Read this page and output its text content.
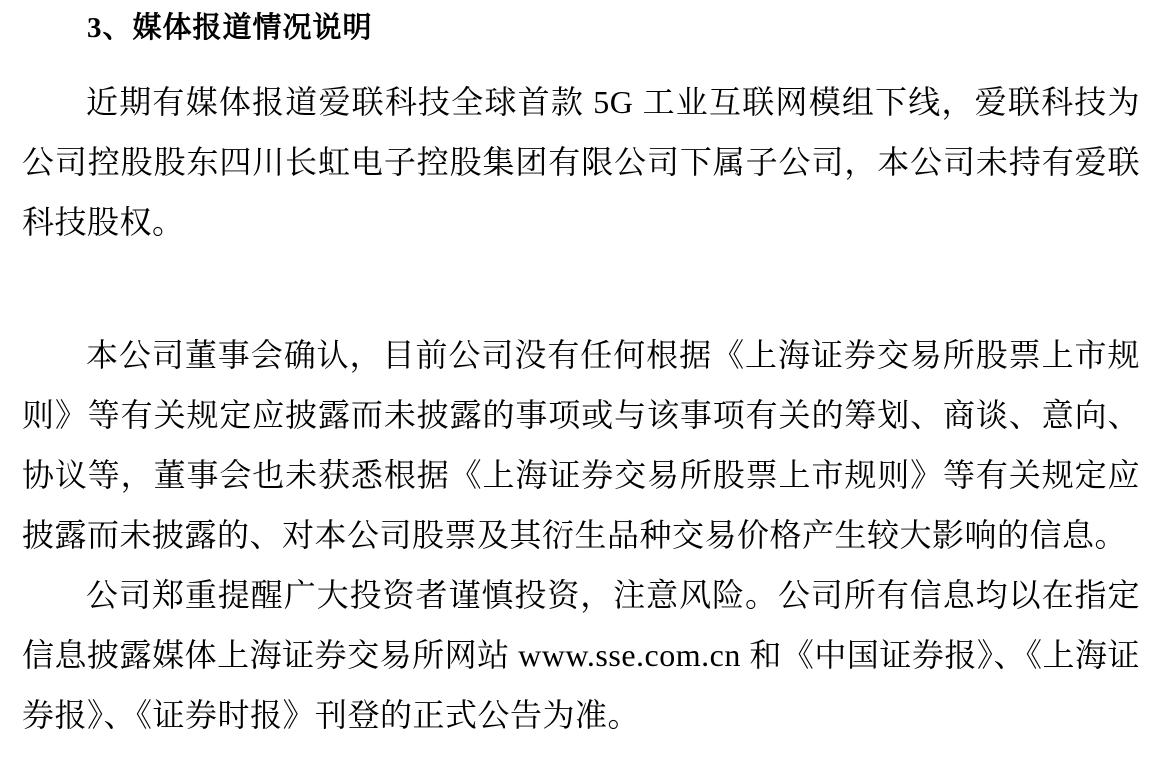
3、媒体报道情况说明

近期有媒体报道爱联科技全球首款 5G 工业互联网模组下线，爱联科技为公司控股股东四川长虹电子控股集团有限公司下属子公司，本公司未持有爱联科技股权。

本公司董事会确认，目前公司没有任何根据《上海证券交易所股票上市规则》等有关规定应披露而未披露的事项或与该事项有关的筹划、商谈、意向、协议等，董事会也未获悉根据《上海证券交易所股票上市规则》等有关规定应披露而未披露的、对本公司股票及其衍生品种交易价格产生较大影响的信息。

公司郑重提醒广大投资者谨慎投资，注意风险。公司所有信息均以在指定信息披露媒体上海证券交易所网站 www.sse.com.cn 和《中国证券报》、《上海证券报》、《证券时报》刊登的正式公告为准。
